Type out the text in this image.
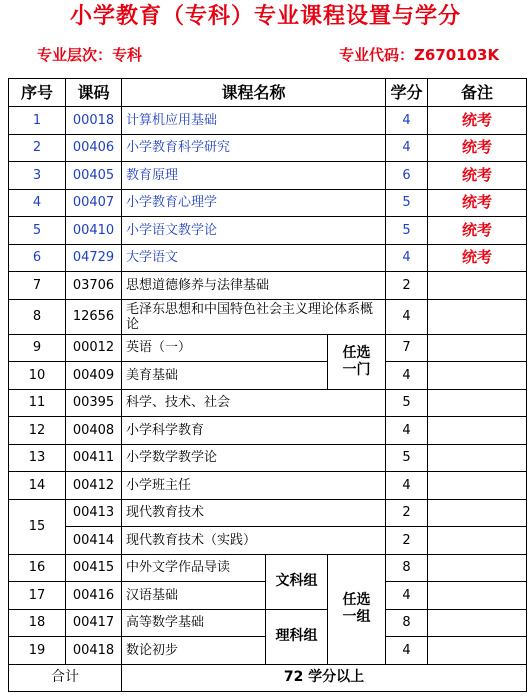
小学教育（专科）专业课程设置与学分
专业层次：专科	专业代码：Z670103K
序号	课码	课程名称			学分	备注
1	00018	计算机应用基础			4	统考
2	00406	小学教育科学研究			4	统考
3	00405	教育原理			6	统考
4	00407	小学教育心理学			5	统考
5	00410	小学语文教学论			5	统考
6	04729	大学语文			4	统考
7	03706	思想道德修养与法律基础			2	
8	12656	毛泽东思想和中国特色社会主义理论体系概论			4	
9	00012	英语（一）		任选一门	7	
10	00409	美育基础			4	
11	00395	科学、技术、社会			5	
12	00408	小学科学教育			4	
13	00411	小学数学教学论			5	
14	00412	小学班主任			4	
15	00413	现代教育技术			2	
	00414	现代教育技术（实践）			2	
16	00415	中外文学作品导读	文科组	任选一组	8	
17	00416	汉语基础			4	
18	00417	高等数学基础	理科组		8	
19	00418	数论初步			4	
合计		72 学分以上				
